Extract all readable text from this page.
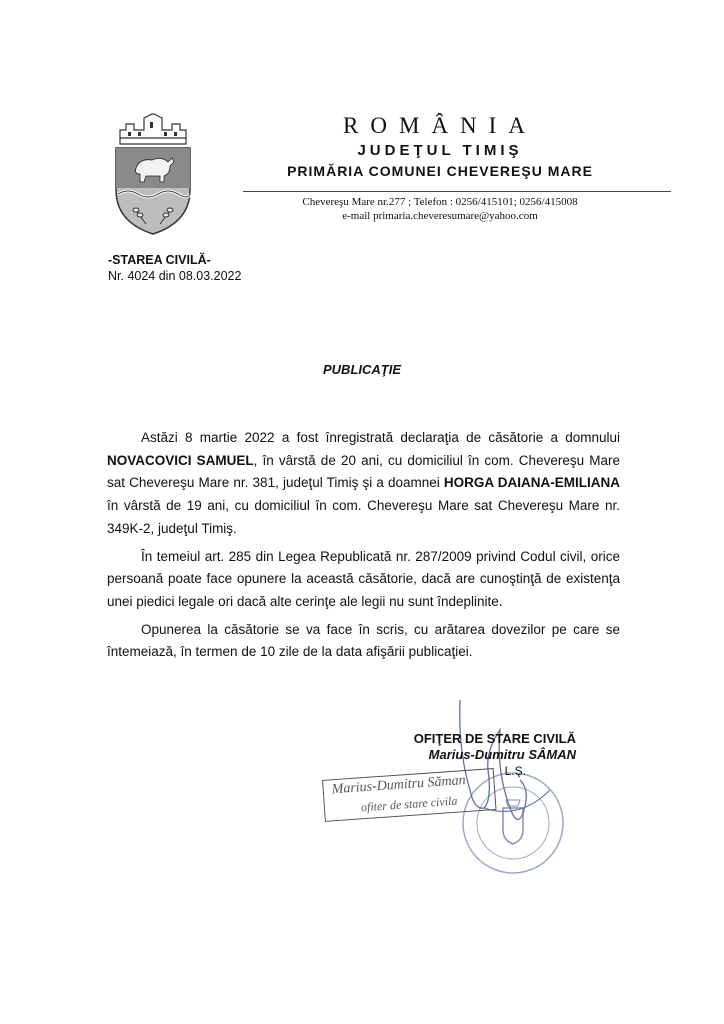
ROMÂNIA
JUDEŢUL TIMIŞ
PRIMĂRIA COMUNEI CHEVEREŞU MARE
Chevereşu Mare nr.277 ; Telefon : 0256/415101; 0256/415008
e-mail primaria.cheveresumare@yahoo.com
-STAREA CIVILĂ-
Nr. 4024 din 08.03.2022
PUBLICAŢIE

Astăzi 8 martie 2022 a fost înregistrată declaraţia de căsătorie a domnului NOVACOVICI SAMUEL, în vârstă de 20 ani, cu domiciliul în com. Chevereşu Mare sat Chevereşu Mare nr. 381, judeţul Timiş şi a doamnei HORGA DAIANA-EMILIANA în vârstă de 19 ani, cu domiciliul în com. Chevereşu Mare sat Chevereşu Mare nr. 349K-2, judeţul Timiş.

În temeiul art. 285 din Legea Republicată nr. 287/2009 privind Codul civil, orice persoană poate face opunere la această căsătorie, dacă are cunoştinţă de existenţa unei piedici legale ori dacă alte cerinţe ale legii nu sunt îndeplinite.

Opunerea la căsătorie se va face în scris, cu arătarea dovezilor pe care se întemeiază, în termen de 10 zile de la data afişării publicaţiei.

OFIŢER DE STARE CIVILĂ
Marius-Dumitru SÂMAN
L.Ş.
Marius-Dumitru Săman
ofiter de stare civila
